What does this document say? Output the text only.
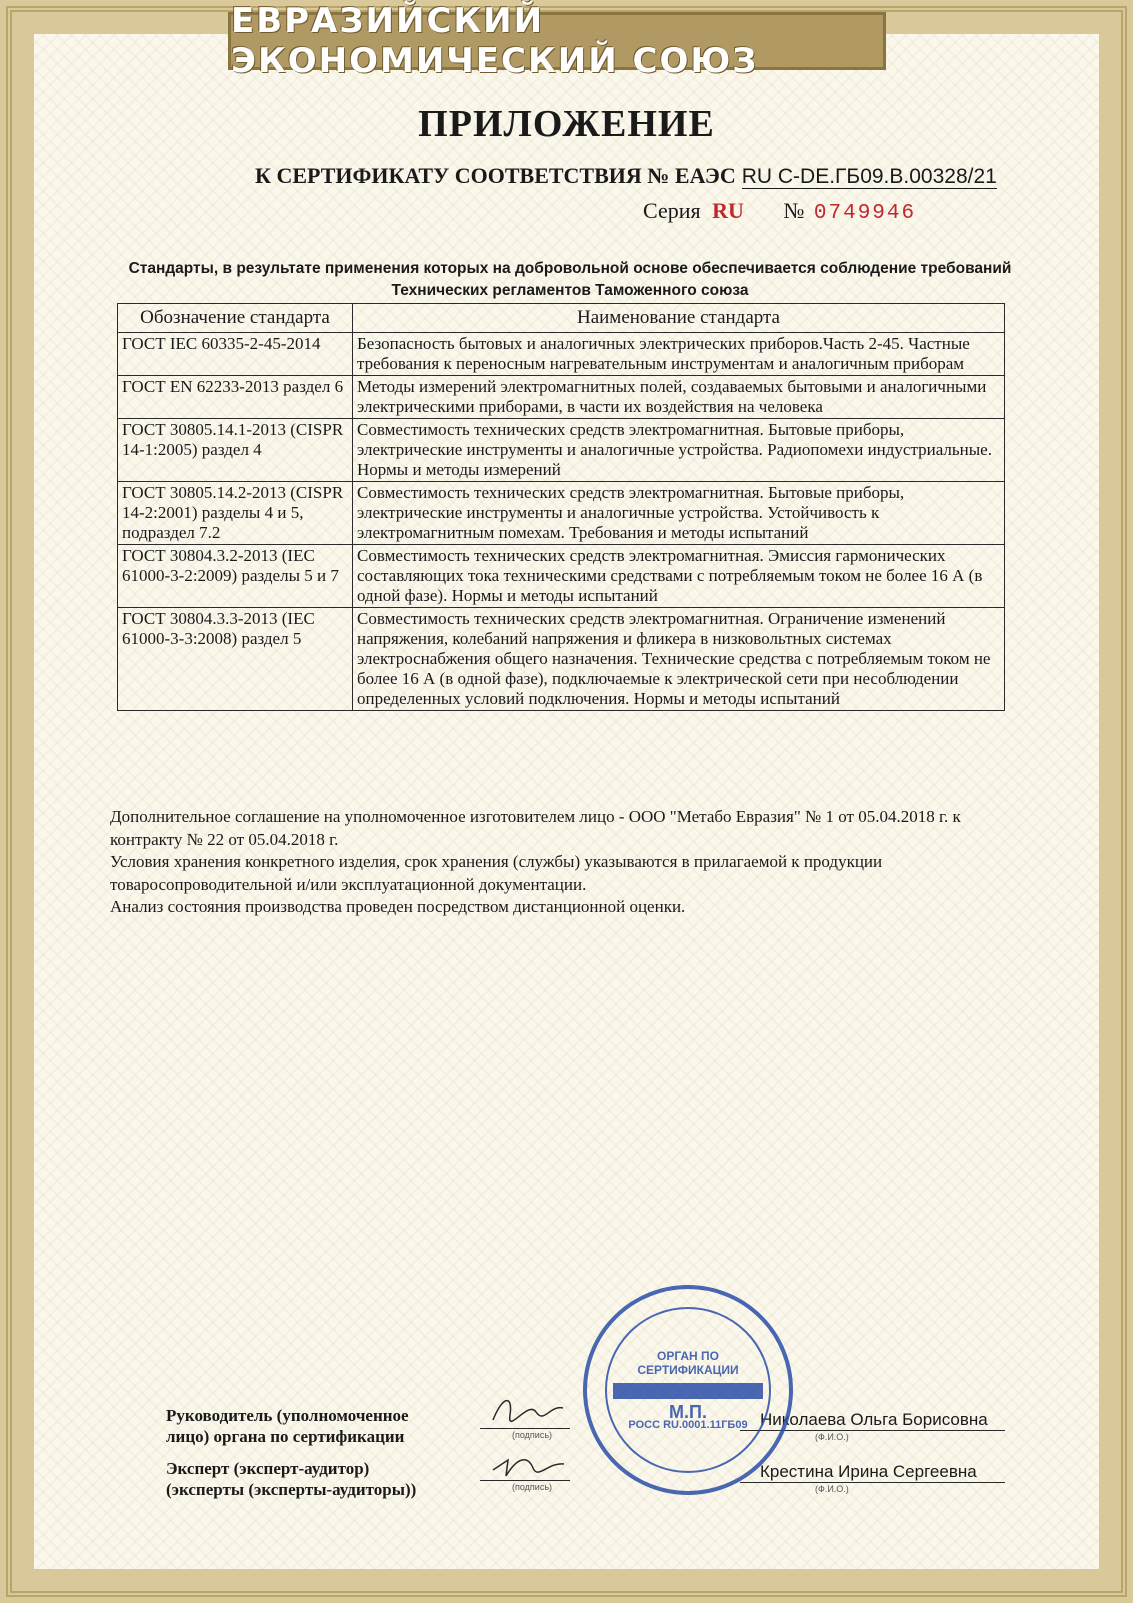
ЕВРАЗИЙСКИЙ ЭКОНОМИЧЕСКИЙ СОЮЗ
ПРИЛОЖЕНИЕ
К СЕРТИФИКАТУ СООТВЕТСТВИЯ № ЕАЭС RU C-DE.ГБ09.В.00328/21
Серия RU № 0749946
Стандарты, в результате применения которых на добровольной основе обеспечивается соблюдение требований Технических регламентов Таможенного союза
Обозначение стандарта	Наименование стандарта
ГОСТ IEC 60335-2-45-2014	Безопасность бытовых и аналогичных электрических приборов.Часть 2-45. Частные требования к переносным нагревательным инструментам и аналогичным приборам
ГОСТ EN 62233-2013 раздел 6	Методы измерений электромагнитных полей, создаваемых бытовыми и аналогичными электрическими приборами, в части их воздействия на человека
ГОСТ 30805.14.1-2013 (CISPR 14-1:2005) раздел 4	Совместимость технических средств электромагнитная. Бытовые приборы, электрические инструменты и аналогичные устройства. Радиопомехи индустриальные. Нормы и методы измерений
ГОСТ 30805.14.2-2013 (CISPR 14-2:2001) разделы 4 и 5, подраздел 7.2	Совместимость технических средств электромагнитная. Бытовые приборы, электрические инструменты и аналогичные устройства. Устойчивость к электромагнитным помехам. Требования и методы испытаний
ГОСТ 30804.3.2-2013 (IEC 61000-3-2:2009) разделы 5 и 7	Совместимость технических средств электромагнитная. Эмиссия гармонических составляющих тока техническими средствами с потребляемым током не более 16 А (в одной фазе). Нормы и методы испытаний
ГОСТ 30804.3.3-2013 (IEC 61000-3-3:2008) раздел 5	Совместимость технических средств электромагнитная. Ограничение изменений напряжения, колебаний напряжения и фликера в низковольтных системах электроснабжения общего назначения. Технические средства с потребляемым током не более 16 А (в одной фазе), подключаемые к электрической сети при несоблюдении определенных условий подключения. Нормы и методы испытаний

Дополнительное соглашение на уполномоченное изготовителем лицо - ООО "Метабо Евразия" № 1 от 05.04.2018 г. к контракту № 22 от 05.04.2018 г.

Условия хранения конкретного изделия, срок хранения (службы) указываются в прилагаемой к продукции товаросопроводительной и/или эксплуатационной документации.

Анализ состояния производства проведен посредством дистанционной оценки.

Руководитель (уполномоченное
лицо) органа по сертификации	(подпись)
Николаева Ольга Борисовна
(Ф.И.О.)
Эксперт (эксперт-аудитор)
(эксперты (эксперты-аудиторы))	(подпись)
Крестина Ирина Сергеевна
(Ф.И.О.)
ОРГАН ПО
СЕРТИФИКАЦИИ
М.П.
РОСС RU.0001.11ГБ09
